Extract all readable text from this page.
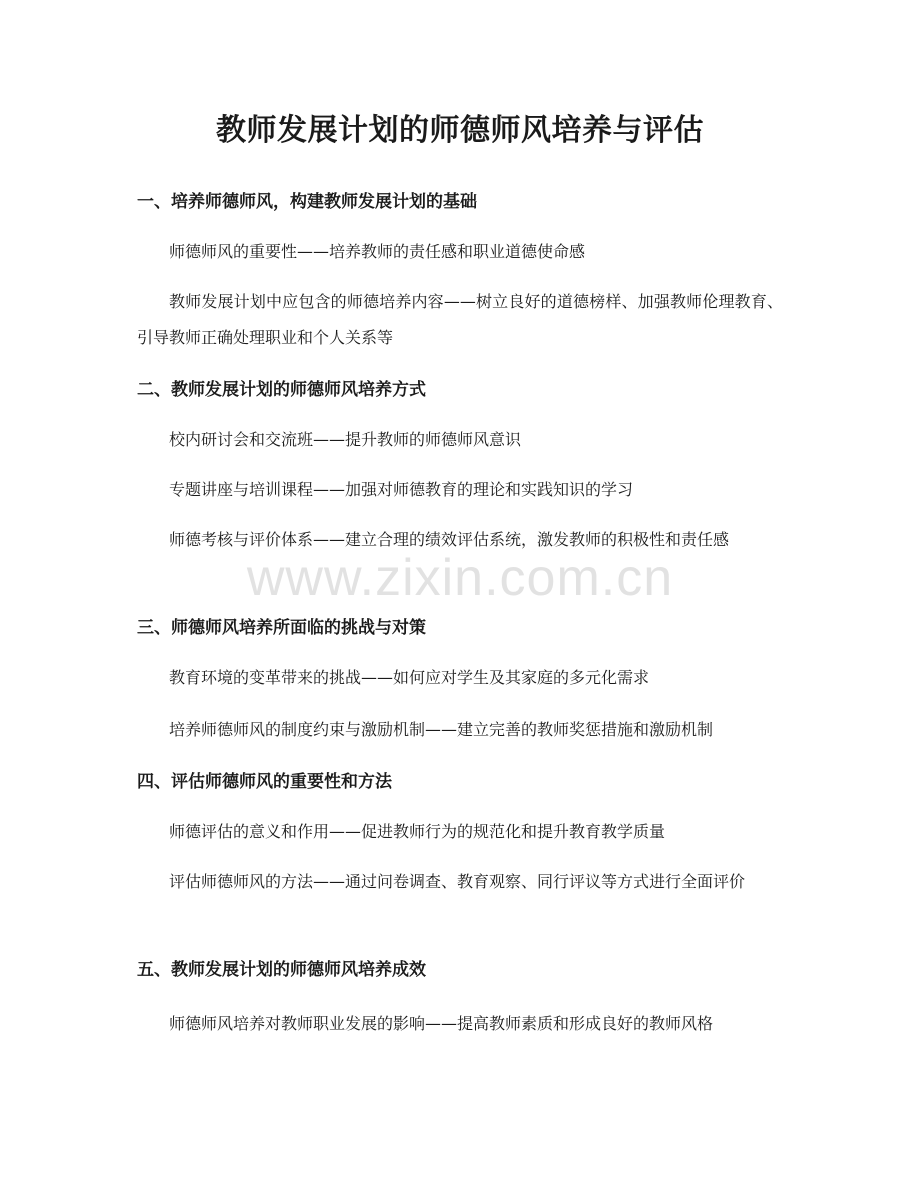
教师发展计划的师德师风培养与评估
一、培养师德师风，构建教师发展计划的基础

师德师风的重要性——培养教师的责任感和职业道德使命感

教师发展计划中应包含的师德培养内容——树立良好的道德榜样、加强教师伦理教育、引导教师正确处理职业和个人关系等

二、教师发展计划的师德师风培养方式

校内研讨会和交流班——提升教师的师德师风意识

专题讲座与培训课程——加强对师德教育的理论和实践知识的学习

师德考核与评价体系——建立合理的绩效评估系统，激发教师的积极性和责任感

三、师德师风培养所面临的挑战与对策

教育环境的变革带来的挑战——如何应对学生及其家庭的多元化需求

培养师德师风的制度约束与激励机制——建立完善的教师奖惩措施和激励机制

四、评估师德师风的重要性和方法

师德评估的意义和作用——促进教师行为的规范化和提升教育教学质量

评估师德师风的方法——通过问卷调查、教育观察、同行评议等方式进行全面评价

五、教师发展计划的师德师风培养成效

师德师风培养对教师职业发展的影响——提高教师素质和形成良好的教师风格

www.zixin.com.cn
